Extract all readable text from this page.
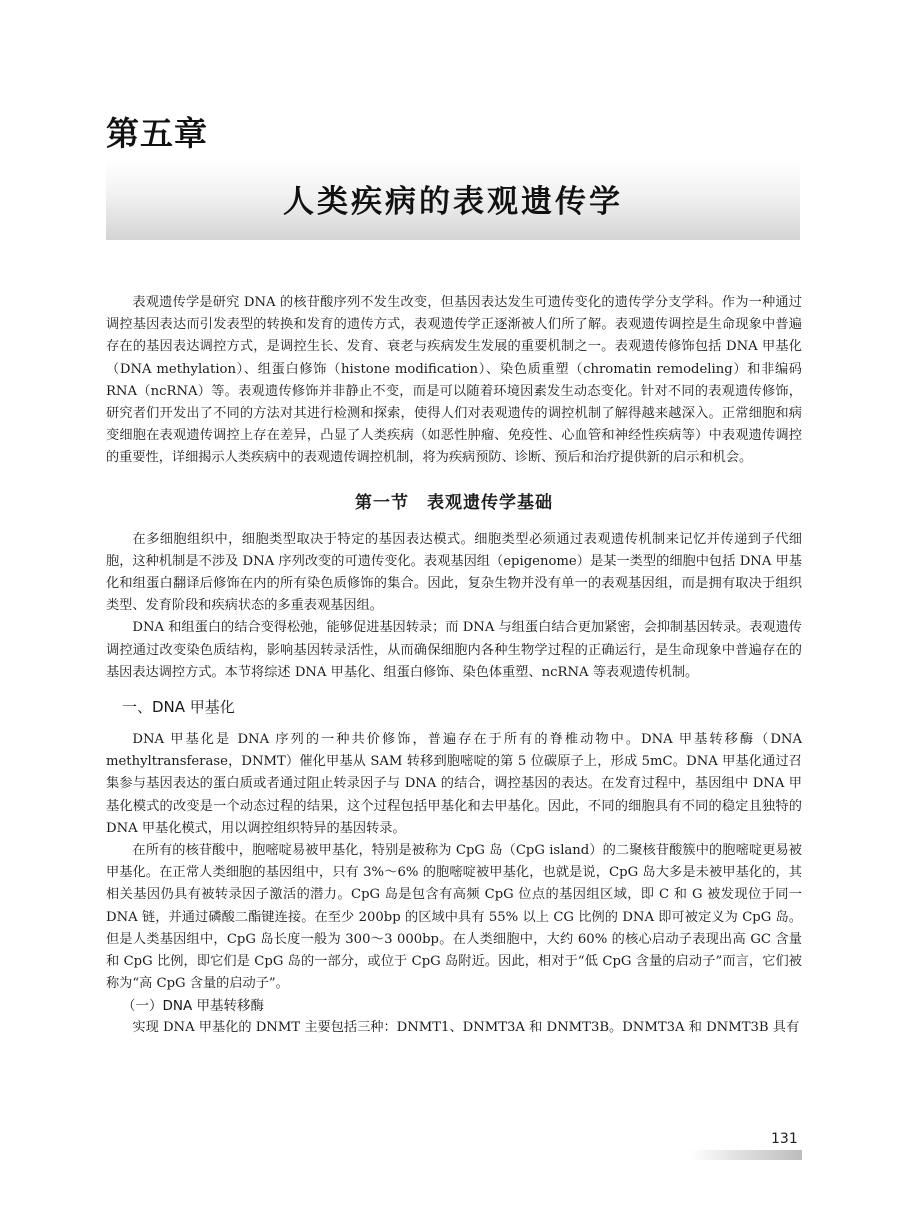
第五章
人类疾病的表观遗传学

表观遗传学是研究 DNA 的核苷酸序列不发生改变，但基因表达发生可遗传变化的遗传学分支学科。作为一种通过调控基因表达而引发表型的转换和发育的遗传方式，表观遗传学正逐渐被人们所了解。表观遗传调控是生命现象中普遍存在的基因表达调控方式，是调控生长、发育、衰老与疾病发生发展的重要机制之一。表观遗传修饰包括 DNA 甲基化（DNA methylation）、组蛋白修饰（histone modification）、染色质重塑（chromatin remodeling）和非编码 RNA（ncRNA）等。表观遗传修饰并非静止不变，而是可以随着环境因素发生动态变化。针对不同的表观遗传修饰，研究者们开发出了不同的方法对其进行检测和探索，使得人们对表观遗传的调控机制了解得越来越深入。正常细胞和病变细胞在表观遗传调控上存在差异，凸显了人类疾病（如恶性肿瘤、免疫性、心血管和神经性疾病等）中表观遗传调控的重要性，详细揭示人类疾病中的表观遗传调控机制，将为疾病预防、诊断、预后和治疗提供新的启示和机会。

第一节　表观遗传学基础

在多细胞组织中，细胞类型取决于特定的基因表达模式。细胞类型必须通过表观遗传机制来记忆并传递到子代细胞，这种机制是不涉及 DNA 序列改变的可遗传变化。表观基因组（epigenome）是某一类型的细胞中包括 DNA 甲基化和组蛋白翻译后修饰在内的所有染色质修饰的集合。因此，复杂生物并没有单一的表观基因组，而是拥有取决于组织类型、发育阶段和疾病状态的多重表观基因组。

DNA 和组蛋白的结合变得松弛，能够促进基因转录；而 DNA 与组蛋白结合更加紧密，会抑制基因转录。表观遗传调控通过改变染色质结构，影响基因转录活性，从而确保细胞内各种生物学过程的正确运行，是生命现象中普遍存在的基因表达调控方式。本节将综述 DNA 甲基化、组蛋白修饰、染色体重塑、ncRNA 等表观遗传机制。

一、DNA 甲基化

DNA 甲基化是 DNA 序列的一种共价修饰，普遍存在于所有的脊椎动物中。DNA 甲基转移酶（DNA methyltransferase，DNMT）催化甲基从 SAM 转移到胞嘧啶的第 5 位碳原子上，形成 5mC。DNA 甲基化通过召集参与基因表达的蛋白质或者通过阻止转录因子与 DNA 的结合，调控基因的表达。在发育过程中，基因组中 DNA 甲基化模式的改变是一个动态过程的结果，这个过程包括甲基化和去甲基化。因此，不同的细胞具有不同的稳定且独特的 DNA 甲基化模式，用以调控组织特异的基因转录。

在所有的核苷酸中，胞嘧啶易被甲基化，特别是被称为 CpG 岛（CpG island）的二聚核苷酸簇中的胞嘧啶更易被甲基化。在正常人类细胞的基因组中，只有 3%～6% 的胞嘧啶被甲基化，也就是说，CpG 岛大多是未被甲基化的，其相关基因仍具有被转录因子激活的潜力。CpG 岛是包含有高频 CpG 位点的基因组区域，即 C 和 G 被发现位于同一 DNA 链，并通过磷酸二酯键连接。在至少 200bp 的区域中具有 55% 以上 CG 比例的 DNA 即可被定义为 CpG 岛。但是人类基因组中，CpG 岛长度一般为 300～3 000bp。在人类细胞中，大约 60% 的核心启动子表现出高 GC 含量和 CpG 比例，即它们是 CpG 岛的一部分，或位于 CpG 岛附近。因此，相对于“低 CpG 含量的启动子”而言，它们被称为“高 CpG 含量的启动子”。

（一）DNA 甲基转移酶

实现 DNA 甲基化的 DNMT 主要包括三种：DNMT1、DNMT3A 和 DNMT3B。DNMT3A 和 DNMT3B 具有

131
